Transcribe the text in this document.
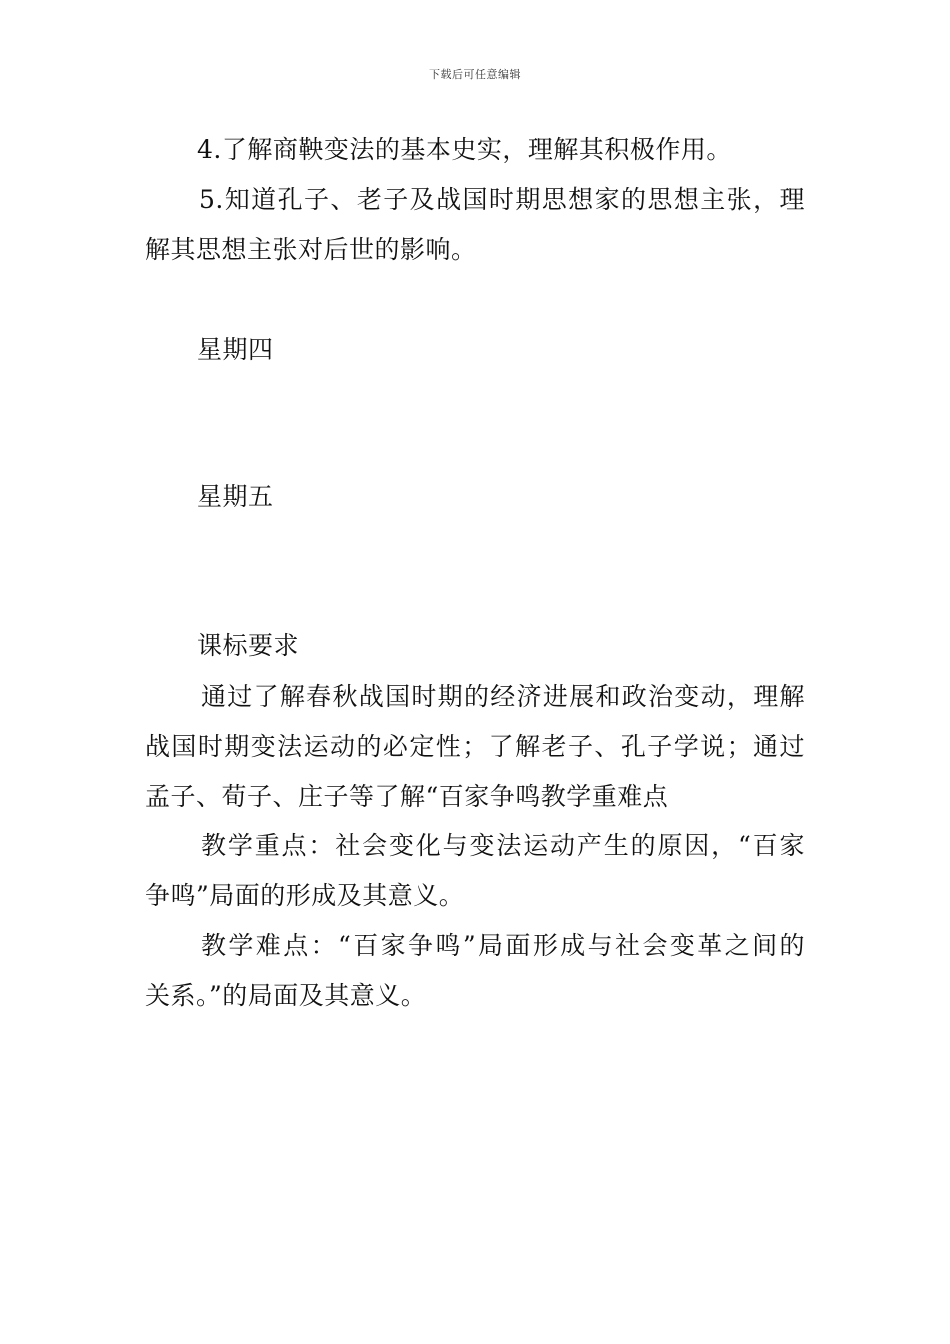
下载后可任意编辑
4.了解商鞅变法的基本史实，理解其积极作用。
5.知道孔子、老子及战国时期思想家的思想主张，理
解其思想主张对后世的影响。
星期四
星期五
课标要求
通过了解春秋战国时期的经济进展和政治变动，理解
战国时期变法运动的必定性；了解老子、孔子学说；通过
孟子、荀子、庄子等了解“百家争鸣教学重难点
教学重点：社会变化与变法运动产生的原因，“百家
争鸣”局面的形成及其意义。
教学难点：“百家争鸣”局面形成与社会变革之间的
关系。”的局面及其意义。
